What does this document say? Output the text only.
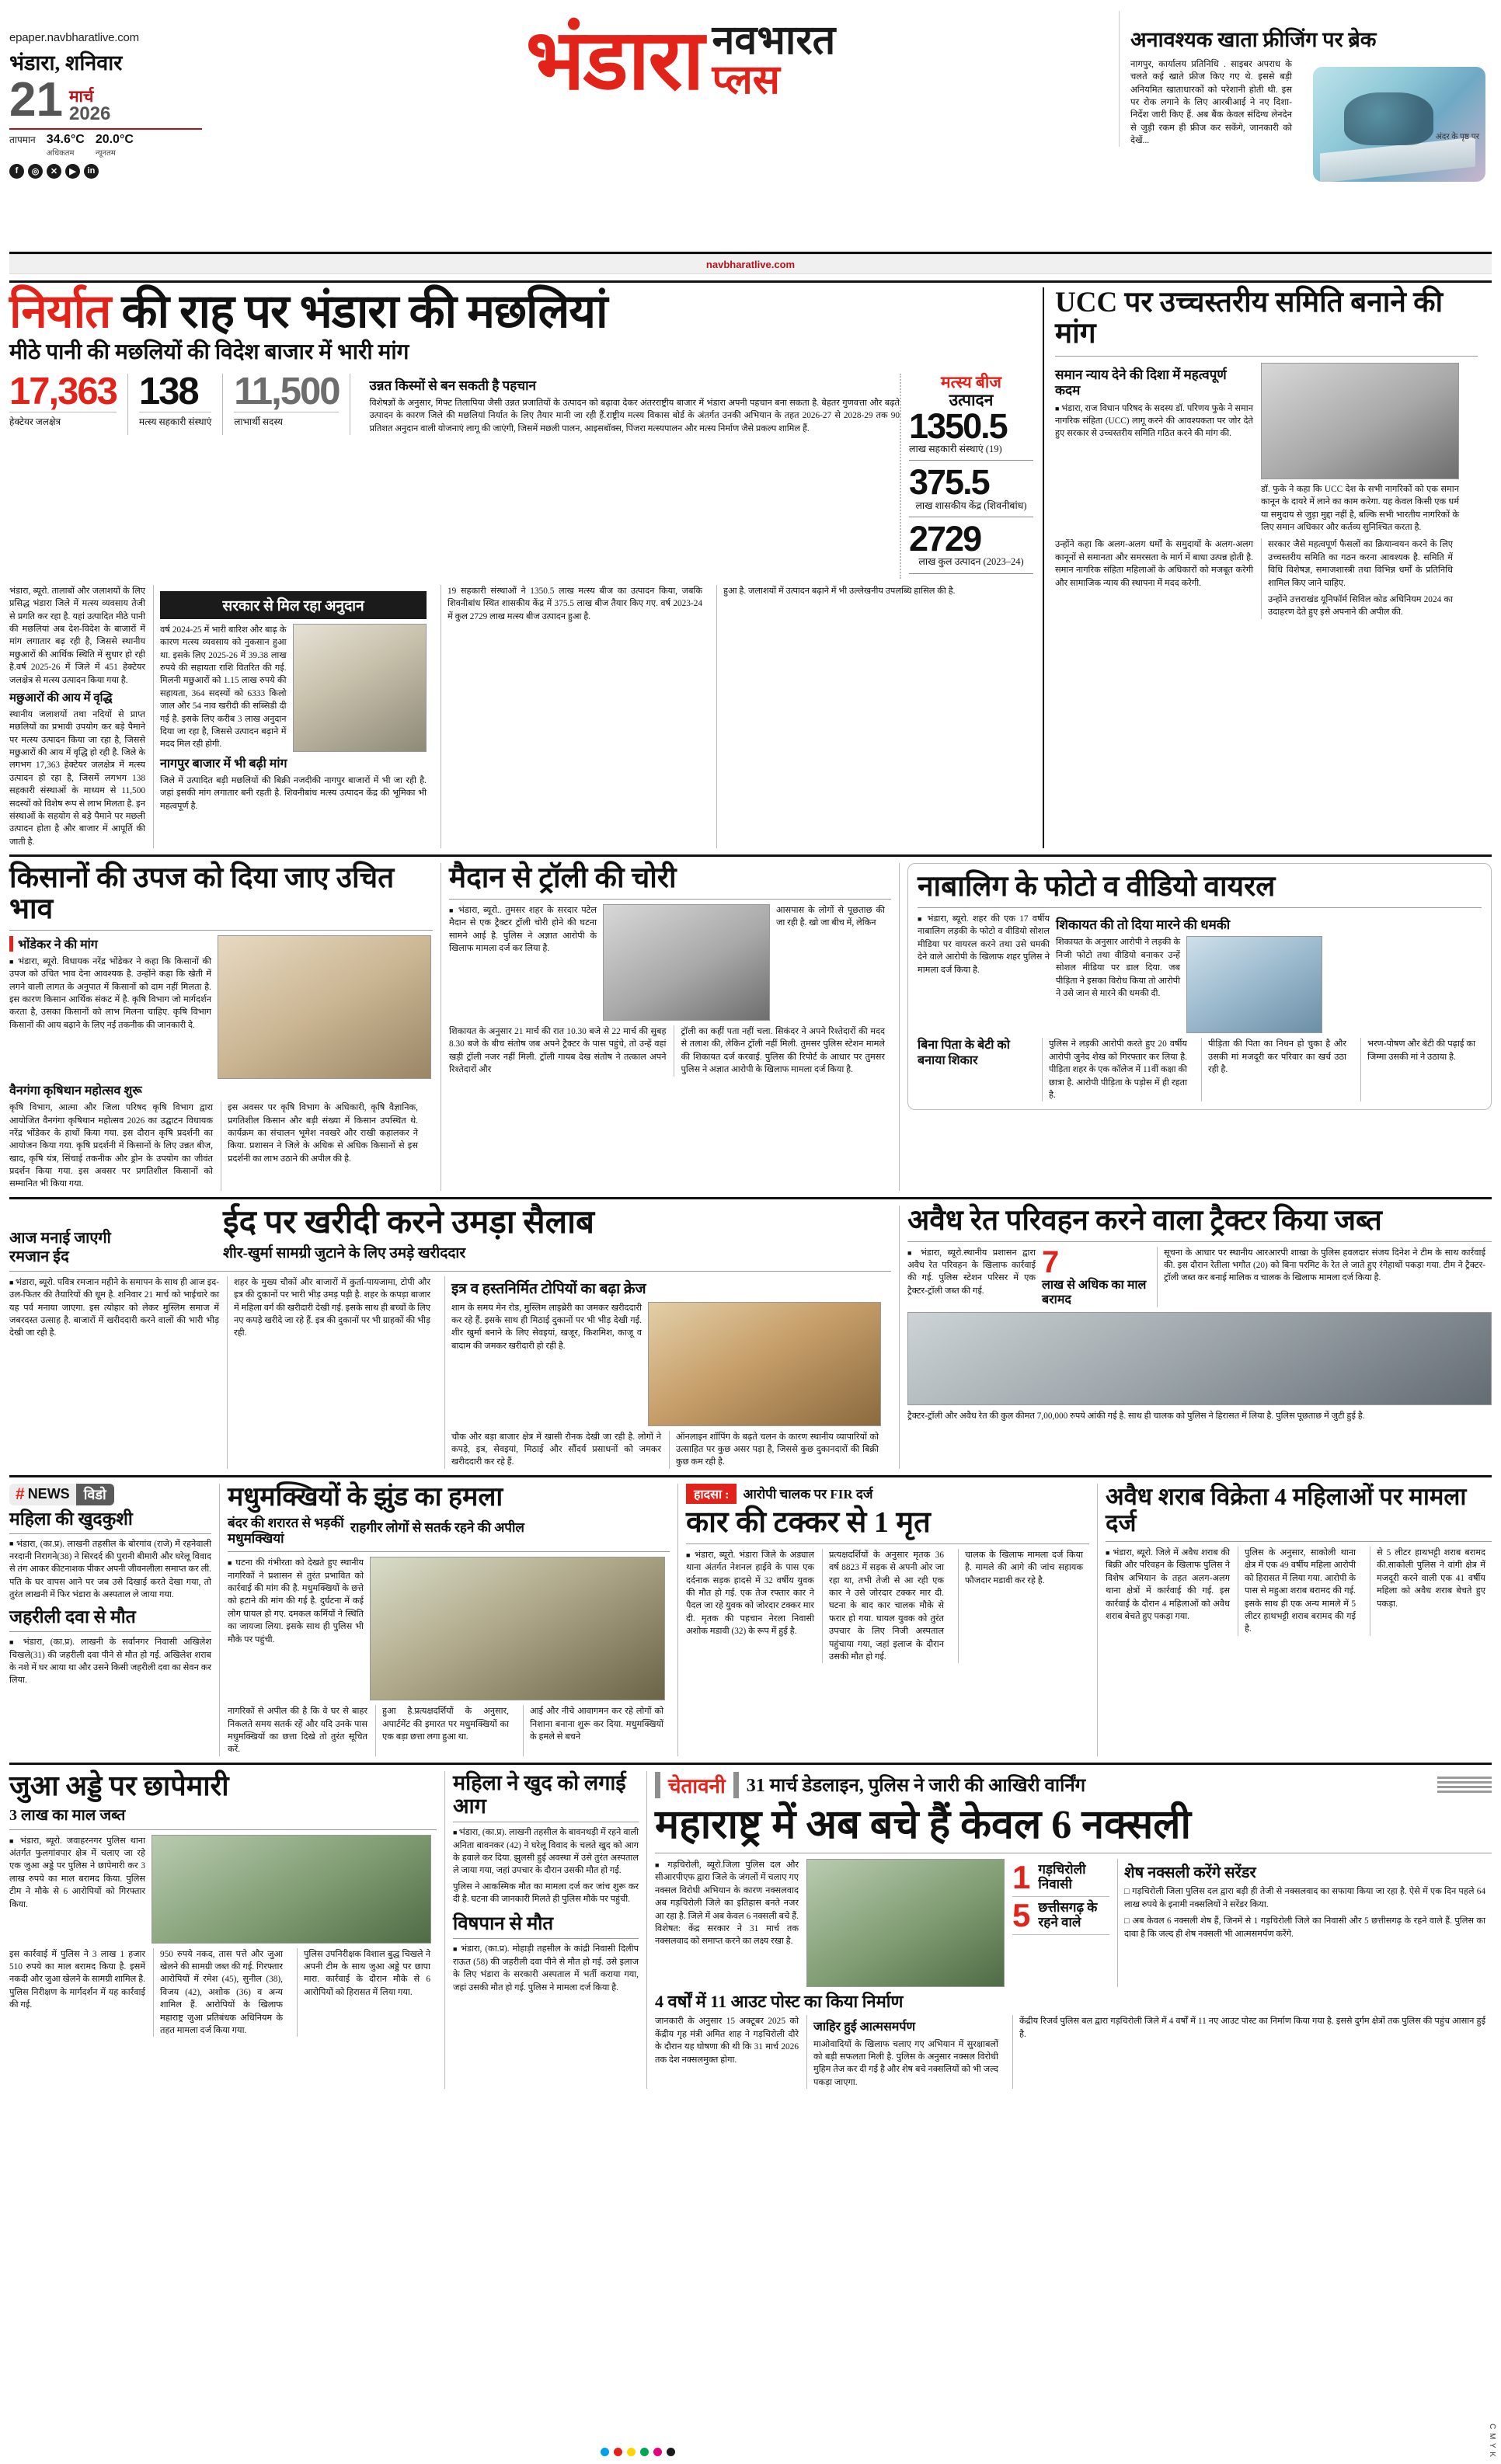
epaper.navbharatlive.com
भंडारा, शनिवार
21 मार्च
2026
तापमान 34.6°C
अधिकतम
20.0°C
न्यूनतम
f	◎	✕	▶	in
भंडारा नवभारत
प्लस
अनावश्यक खाता फ्रीजिंग पर ब्रेक

नागपुर, कार्यालय प्रतिनिधि . साइबर अपराध के चलते कई खाते फ्रीज किए गए थे. इससे बड़ी अनियमित खाताधारकों को परेशानी होती थी. इस पर रोक लगाने के लिए आरबीआई ने नए दिशा-निर्देश जारी किए हैं. अब बैंक केवल संदिग्ध लेनदेन से जुड़ी रकम ही फ्रीज कर सकेंगे, जानकारी को देखें...	अंदर के पृष्ठ पर
navbharatlive.com
निर्यात की राह पर भंडारा की मछलियां
मीठे पानी की मछलियों की विदेश बाजार में भारी मांग
17,363
हेक्टेयर जलक्षेत्र
138
मत्स्य सहकारी संस्थाएं
11,500
लाभार्थी सदस्य
उन्नत किस्मों से बन सकती है पहचान
विशेषज्ञों के अनुसार, गिफ्ट तिलापिया जैसी उन्नत प्रजातियों के उत्पादन को बढ़ावा देकर अंतरराष्ट्रीय बाजार में भंडारा अपनी पहचान बना सकता है. बेहतर गुणवत्ता और बढ़ते उत्पादन के कारण जिले की मछलियां निर्यात के लिए तैयार मानी जा रही हैं.राष्ट्रीय मत्स्य विकास बोर्ड के अंतर्गत उनकी अभियान के तहत 2026-27 से 2028-29 तक 90 प्रतिशत अनुदान वाली योजनाएं लागू की जाएंगी, जिसमें मछली पालन, आइसबॉक्स, पिंजरा मत्स्यपालन और मत्स्य निर्माण जैसे प्रकल्प शामिल हैं.
मत्स्य बीज
उत्पादन
1350.5
लाख सहकारी संस्थाएं (19)
375.5
लाख शासकीय केंद्र (शिवनीबांध)
2729
लाख कुल उत्पादन (2023–24)
भंडारा, ब्यूरो. तालाबों और जलाशयों के लिए प्रसिद्ध भंडारा जिले में मत्स्य व्यवसाय तेजी से प्रगति कर रहा है. यहां उत्पादित मीठे पानी की मछलियां अब देश-विदेश के बाजारों में मांग लगातार बढ़ रही है, जिससे स्थानीय मछुआरों की आर्थिक स्थिति में सुधार हो रही है.वर्ष 2025-26 में जिले में 451 हेक्टेयर जलक्षेत्र से मत्स्य उत्पादन किया गया है.
मछुआरों की आय में वृद्धि
स्थानीय जलाशयों तथा नदियों से प्राप्त मछलियों का प्रभावी उपयोग कर बड़े पैमाने पर मत्स्य उत्पादन किया जा रहा है, जिससे मछुआरों की आय में वृद्धि हो रही है. जिले के लगभग 17,363 हेक्टेयर जलक्षेत्र में मत्स्य उत्पादन हो रहा है, जिसमें लगभग 138 सहकारी संस्थाओं के माध्यम से 11,500 सदस्यों को विशेष रूप से लाभ मिलता है. इन संस्थाओं के सहयोग से बड़े पैमाने पर मछली उत्पादन होता है और बाजार में आपूर्ति की जाती है.
सरकार से मिल रहा अनुदान
वर्ष 2024-25 में भारी बारिश और बाढ़ के कारण मत्स्य व्यवसाय को नुकसान हुआ था. इसके लिए 2025-26 में 39.38 लाख रुपये की सहायता राशि वितरित की गई. मिलनी मछुआरों को 1.15 लाख रुपये की सहायता, 364 सदस्यों को 6333 किलो जाल और 54 नाव खरीदी की सब्सिडी दी गई है. इसके लिए करीब 3 लाख अनुदान दिया जा रहा है, जिससे उत्पादन बढ़ाने में मदद मिल रही होगी.
नागपुर बाजार में भी बढ़ी मांग
जिले में उत्पादित बड़ी मछलियों की बिक्री नजदीकी नागपुर बाजारों में भी जा रही है. जहां इसकी मांग लगातार बनी रहती है. शिवनीबांध मत्स्य उत्पादन केंद्र की भूमिका भी महत्वपूर्ण है.
19 सहकारी संस्थाओं ने 1350.5 लाख मत्स्य बीज का उत्पादन किया, जबकि शिवनीबांध स्थित शासकीय केंद्र में 375.5 लाख बीज तैयार किए गए. वर्ष 2023-24 में कुल 2729 लाख मत्स्य बीज उत्पादन हुआ है.
हुआ है. जलाशयों में उत्पादन बढ़ाने में भी उल्लेखनीय उपलब्धि हासिल की है.
UCC पर उच्चस्तरीय समिति बनाने की मांग
समान न्याय देने की दिशा में महत्वपूर्ण कदम
■ भंडारा, राज विधान परिषद के सदस्य डॉ. परिणय फुके ने समान नागरिक संहिता (UCC) लागू करने की आवश्यकता पर जोर देते हुए सरकार से उच्चस्तरीय समिति गठित करने की मांग की.
डॉ. फुके ने कहा कि UCC देश के सभी नागरिकों को एक समान कानून के दायरे में लाने का काम करेगा. यह केवल किसी एक धर्म या समुदाय से जुड़ा मुद्दा नहीं है, बल्कि सभी भारतीय नागरिकों के लिए समान अधिकार और कर्तव्य सुनिश्चित करता है.
उन्होंने कहा कि अलग-अलग धर्मों के समुदायों के अलग-अलग कानूनों से समानता और समरसता के मार्ग में बाधा उत्पन्न होती है. समान नागरिक संहिता महिलाओं के अधिकारों को मजबूत करेगी और सामाजिक न्याय की स्थापना में मदद करेगी.
सरकार जैसे महत्वपूर्ण फैसलों का क्रियान्वयन करने के लिए उच्चस्तरीय समिति का गठन करना आवश्यक है. समिति में विधि विशेषज्ञ, समाजशास्त्री तथा विभिन्न धर्मों के प्रतिनिधि शामिल किए जाने चाहिए.
उन्होंने उत्तराखंड यूनिफॉर्म सिविल कोड अधिनियम 2024 का उदाहरण देते हुए इसे अपनाने की अपील की.
किसानों की उपज को दिया जाए उचित भाव
भोंडेकर ने की मांग
■ भंडारा, ब्यूरो. विधायक नरेंद्र भोंडेकर ने कहा कि किसानों की उपज को उचित भाव देना आवश्यक है. उन्होंने कहा कि खेती में लगने वाली लागत के अनुपात में किसानों को दाम नहीं मिलता है. इस कारण किसान आर्थिक संकट में है. कृषि विभाग जो मार्गदर्शन करता है, उसका किसानों को लाभ मिलना चाहिए. कृषि विभाग किसानों की आय बढ़ाने के लिए नई तकनीक की जानकारी दे.
वैनगंगा कृषिथान महोत्सव शुरू
कृषि विभाग, आत्मा और जिला परिषद कृषि विभाग द्वारा आयोजित वैनगंगा कृषिथान महोत्सव 2026 का उद्घाटन विधायक नरेंद्र भोंडेकर के हाथों किया गया. इस दौरान कृषि प्रदर्शनी का आयोजन किया गया. कृषि प्रदर्शनी में किसानों के लिए उन्नत बीज, खाद, कृषि यंत्र, सिंचाई तकनीक और ड्रोन के उपयोग का जीवंत प्रदर्शन किया गया. इस अवसर पर प्रगतिशील किसानों को सम्मानित भी किया गया.
इस अवसर पर कृषि विभाग के अधिकारी, कृषि वैज्ञानिक, प्रगतिशील किसान और बड़ी संख्या में किसान उपस्थित थे. कार्यक्रम का संचालन भूमेश नवखरे और राखी कहालकर ने किया. प्रशासन ने जिले के अधिक से अधिक किसानों से इस प्रदर्शनी का लाभ उठाने की अपील की है.
मैदान से ट्रॉली की चोरी
■ भंडारा, ब्यूरो.. तुमसर शहर के सरदार पटेल मैदान से एक ट्रैक्टर ट्रॉली चोरी होने की घटना सामने आई है. पुलिस ने अज्ञात आरोपी के खिलाफ मामला दर्ज कर लिया है.
आसपास के लोगों से पूछताछ की जा रही है. खो जा बीच में, लेकिन
शिकायत के अनुसार 21 मार्च की रात 10.30 बजे से 22 मार्च की सुबह 8.30 बजे के बीच संतोष जब अपने ट्रैक्टर के पास पहुंचे, तो उन्हें वहां खड़ी ट्रॉली नजर नहीं मिली. ट्रॉली गायब देख संतोष ने तत्काल अपने रिश्तेदारों और
ट्रॉली का कहीं पता नहीं चला. सिकंदर ने अपने रिश्तेदारों की मदद से तलाश की, लेकिन ट्रॉली नहीं मिली. तुमसर पुलिस स्टेशन मामले की शिकायत दर्ज करवाई. पुलिस की रिपोर्ट के आधार पर तुमसर पुलिस ने अज्ञात आरोपी के खिलाफ मामला दर्ज किया है.
नाबालिग के फोटो व वीडियो वायरल
■ भंडारा, ब्यूरो. शहर की एक 17 वर्षीय नाबालिग लड़की के फोटो व वीडियो सोशल मीडिया पर वायरल करने तथा उसे धमकी देने वाले आरोपी के खिलाफ शहर पुलिस ने मामला दर्ज किया है.
शिकायत की तो दिया मारने की धमकी
शिकायत के अनुसार आरोपी ने लड़की के निजी फोटो तथा वीडियो बनाकर उन्हें सोशल मीडिया पर डाल दिया. जब पीड़िता ने इसका विरोध किया तो आरोपी ने उसे जान से मारने की धमकी दी.
बिना पिता के बेटी को बनाया शिकार
पुलिस ने लड़की आरोपी करते हुए 20 वर्षीय आरोपी जुनेद शेख को गिरफ्तार कर लिया है. पीड़िता शहर के एक कॉलेज में 11वीं कक्षा की छात्रा है. आरोपी पीड़िता के पड़ोस में ही रहता है.
पीड़िता की पिता का निधन हो चुका है और उसकी मां मजदूरी कर परिवार का खर्च उठा रही है.
भरण-पोषण और बेटी की पढ़ाई का जिम्मा उसकी मां ने उठाया है.
आज मनाई जाएगी
रमजान ईद
ईद पर खरीदी करने उमड़ा सैलाब
शीर-खुर्मा सामग्री जुटाने के लिए उमड़े खरीददार
■ भंडारा, ब्यूरो. पवित्र रमजान महीने के समापन के साथ ही आज इद-उल-फितर की तैयारियों की धूम है. शनिवार 21 मार्च को भाईचारे का यह पर्व मनाया जाएगा. इस त्योहार को लेकर मुस्लिम समाज में जबरदस्त उत्साह है. बाजारों में खरीददारी करने वालों की भारी भीड़ देखी जा रही है.
शहर के मुख्य चौकों और बाजारों में कुर्ता-पायजामा, टोपी और इत्र की दुकानों पर भारी भीड़ उमड़ पड़ी है. शहर के कपड़ा बाजार में महिला वर्ग की खरीदारी देखी गई. इसके साथ ही बच्चों के लिए नए कपड़े खरीदे जा रहे हैं. इत्र की दुकानों पर भी ग्राहकों की भीड़ रही.
इत्र व हस्तनिर्मित टोपियों का बढ़ा क्रेज
शाम के समय मेन रोड, मुस्लिम लाइब्रेरी का जमकर खरीददारी कर रहे हैं. इसके साथ ही मिठाई दुकानों पर भी भीड़ देखी गई. शीर खुर्मा बनाने के लिए सेवइयां, खजूर, किशमिश, काजू व बादाम की जमकर खरीदारी हो रही है.
चौक और बड़ा बाजार क्षेत्र में खासी रौनक देखी जा रही है. लोगों ने कपड़े, इत्र, सेवइयां, मिठाई और सौंदर्य प्रसाधनों को जमकर खरीददारी कर रहे हैं.
ऑनलाइन शॉपिंग के बढ़ते चलन के कारण स्थानीय व्यापारियों को उत्साहित पर कुछ असर पड़ा है, जिससे कुछ दुकानदारों की बिक्री कुछ कम रही है.
अवैध रेत परिवहन करने वाला ट्रैक्टर किया जब्त
■ भंडारा, ब्यूरो.स्थानीय प्रशासन द्वारा अवैध रेत परिवहन के खिलाफ कार्रवाई की गई. पुलिस स्टेशन परिसर में एक ट्रैक्टर-ट्रॉली जब्त की गई.
7
लाख से अधिक का माल बरामद
सूचना के आधार पर स्थानीय आरआरपी शाखा के पुलिस हवलदार संजय दिनेश ने टीम के साथ कार्रवाई की. इस दौरान रेतीला भगौत (20) को बिना परमिट के रेत ले जाते हुए रंगेहाथों पकड़ा गया. टीम ने ट्रैक्टर-ट्रॉली जब्त कर बनाई मालिक व चालक के खिलाफ मामला दर्ज किया है.
ट्रैक्टर-ट्रॉली और अवैध रेत की कुल कीमत 7,00,000 रुपये आंकी गई है. साथ ही चालक को पुलिस ने हिरासत में लिया है. पुलिस पूछताछ में जुटी हुई है.
# NEWS	विडो
महिला की खुदकुशी
■ भंडारा, (का.प्र). लाखनी तहसील के बोरगांव (राजे) में रहनेवाली नरदानी निरागने(38) ने सिरदर्द की पुरानी बीमारी और घरेलू विवाद से तंग आकर कीटनाशक पीकर अपनी जीवनलीला समाप्त कर ली. पति के घर वापस आने पर जब उसे दिखाई करते देखा गया, तो तुरंत लाखनी में फिर भंडारा के अस्पताल ले जाया गया.
जहरीली दवा से मौत
■ भंडारा, (का.प्र). लाखनी के सर्वानगर निवासी अखिलेश चिखले(31) की जहरीली दवा पीने से मौत हो गई. अखिलेश शराब के नशे में घर आया था और उसने किसी जहरीली दवा का सेवन कर लिया.
मधुमक्खियों के झुंड का हमला
बंदर की शरारत से भड़कीं मधुमक्खियां
राहगीर लोगों से सतर्क रहने की अपील
■ घटना की गंभीरता को देखते हुए स्थानीय नागरिकों ने प्रशासन से तुरंत प्रभावित को कार्रवाई की मांग की है. मधुमक्खियों के छत्ते को हटाने की मांग की गई है. दुर्घटना में कई लोग घायल हो गए. दमकल कर्मियों ने स्थिति का जायजा लिया. इसके साथ ही पुलिस भी मौके पर पहुंची.
नागरिकों से अपील की है कि वे घर से बाहर निकलते समय सतर्क रहें और यदि उनके पास मधुमक्खियों का छत्ता दिखे तो तुरंत सूचित करें.
हुआ है.प्रत्यक्षदर्शियों के अनुसार, अपार्टमेंट की इमारत पर मधुमक्खियों का एक बड़ा छत्ता लगा हुआ था.
आई और नीचे आवागमन कर रहे लोगों को निशाना बनाना शुरू कर दिया. मधुमक्खियों के हमले से बचने
हादसा :	आरोपी चालक पर FIR दर्ज
कार की टक्कर से 1 मृत
■ भंडारा, ब्यूरो. भंडारा जिले के अड्याल थाना अंतर्गत नेशनल हाईवे के पास एक दर्दनाक सड़क हादसे में 32 वर्षीय युवक की मौत हो गई. एक तेज रफ्तार कार ने पैदल जा रहे युवक को जोरदार टक्कर मार दी. मृतक की पहचान नेरला निवासी अशोक मडावी (32) के रूप में हुई है.
प्रत्यक्षदर्शियों के अनुसार मृतक 36 वर्ष 8823 में सड़क से अपनी ओर जा रहा था, तभी तेजी से आ रही एक कार ने उसे जोरदार टक्कर मार दी. घटना के बाद कार चालक मौके से फरार हो गया. घायल युवक को तुरंत उपचार के लिए निजी अस्पताल पहुंचाया गया, जहां इलाज के दौरान उसकी मौत हो गई.
चालक के खिलाफ मामला दर्ज किया है. मामले की आगे की जांच सहायक फौजदार मडावी कर रहे है.
अवैध शराब विक्रेता 4 महिलाओं पर मामला दर्ज
■ भंडारा, ब्यूरो. जिले में अवैध शराब की बिक्री और परिवहन के खिलाफ पुलिस ने विशेष अभियान के तहत अलग-अलग थाना क्षेत्रों में कार्रवाई की गई. इस कार्रवाई के दौरान 4 महिलाओं को अवैध शराब बेचते हुए पकड़ा गया.
पुलिस के अनुसार, साकोली थाना क्षेत्र में एक 49 वर्षीय महिला आरोपी को हिरासत में लिया गया. आरोपी के पास से महुआ शराब बरामद की गई. इसके साथ ही एक अन्य मामले में 5 लीटर हाथभट्टी शराब बरामद की गई है.
से 5 लीटर हाथभट्टी शराब बरामद की.साकोली पुलिस ने वांगी क्षेत्र में मजदूरी करने वाली एक 41 वर्षीय महिला को अवैध शराब बेचते हुए पकड़ा.
जुआ अड्डे पर छापेमारी
3 लाख का माल जब्त
■ भंडारा, ब्यूरो. जवाहरनगर पुलिस थाना अंतर्गत फुलगांवपार क्षेत्र में चलाए जा रहे एक जुआ अड्डे पर पुलिस ने छापेमारी कर 3 लाख रुपये का माल बरामद किया. पुलिस टीम ने मौके से 6 आरोपियों को गिरफ्तार किया.
इस कार्रवाई में पुलिस ने 3 लाख 1 हजार 510 रुपये का माल बरामद किया है. इसमें नकदी और जुआ खेलने के सामग्री शामिल है. पुलिस निरीक्षण के मार्गदर्शन में यह कार्रवाई की गई.
950 रुपये नकद, तास पत्ते और जुआ खेलने की सामग्री जब्त की गई. गिरफ्तार आरोपियों में रमेश (45), सुनील (38), विजय (42), अशोक (36) व अन्य शामिल हैं. आरोपियों के खिलाफ महाराष्ट्र जुआ प्रतिबंधक अधिनियम के तहत मामला दर्ज किया गया.
पुलिस उपनिरीक्षक विशाल बुद्ध चिखले ने अपनी टीम के साथ जुआ अड्डे पर छापा मारा. कार्रवाई के दौरान मौके से 6 आरोपियों को हिरासत में लिया गया.
महिला ने खुद को लगाई आग
■ भंडारा, (का.प्र). लाखनी तहसील के बावनथड़ी में रहने वाली अनिता बावनकर (42) ने घरेलू विवाद के चलते खुद को आग के हवाले कर दिया. झुलसी हुई अवस्था में उसे तुरंत अस्पताल ले जाया गया, जहां उपचार के दौरान उसकी मौत हो गई.
पुलिस ने आकस्मिक मौत का मामला दर्ज कर जांच शुरू कर दी है. घटना की जानकारी मिलते ही पुलिस मौके पर पहुंची.
विषपान से मौत
■ भंडारा, (का.प्र). मोहाड़ी तहसील के कांद्री निवासी दिलीप राऊत (58) की जहरीली दवा पीने से मौत हो गई. उसे इलाज के लिए भंडारा के सरकारी अस्पताल में भर्ती कराया गया, जहां उसकी मौत हो गई. पुलिस ने मामला दर्ज किया है.
चेतावनी 31 मार्च डेडलाइन, पुलिस ने जारी की आखिरी वार्निंग
महाराष्ट्र में अब बचे हैं केवल 6 नक्सली
■ गड़चिरोली, ब्यूरो.जिला पुलिस दल और सीआरपीएफ द्वारा जिले के जंगलों में चलाए गए नक्सल विरोधी अभियान के कारण नक्सलवाद अब गड़चिरोली जिले का इतिहास बनते नजर आ रहा है. जिले में अब केवल 6 नक्सली बचे हैं. विशेषत: केंद्र सरकार ने 31 मार्च तक नक्सलवाद को समाप्त करने का लक्ष्य रखा है.
1 गड़चिरोली निवासी
5 छत्तीसगढ़ के रहने वाले
शेष नक्सली करेंगे सरेंडर
□ गड़चिरोली जिला पुलिस दल द्वारा बड़ी ही तेजी से नक्सलवाद का सफाया किया जा रहा है. ऐसे में एक दिन पहले 64 लाख रुपये के इनामी नक्सलियों ने सरेंडर किया.
□ अब केवल 6 नक्सली शेष हैं, जिनमें से 1 गड़चिरोली जिले का निवासी और 5 छत्तीसगढ़ के रहने वाले हैं. पुलिस का दावा है कि जल्द ही शेष नक्सली भी आत्मसमर्पण करेंगे.
4 वर्षों में 11 आउट पोस्ट का किया निर्माण
जानकारी के अनुसार 15 अक्टूबर 2025 को केंद्रीय गृह मंत्री अमित शाह ने गड़चिरोली दौरे के दौरान यह घोषणा की थी कि 31 मार्च 2026 तक देश नक्सलमुक्त होगा.
जाहिर हुई आत्मसमर्पण
माओवादियों के खिलाफ चलाए गए अभियान में सुरक्षाबलों को बड़ी सफलता मिली है. पुलिस के अनुसार नक्सल विरोधी मुहिम तेज कर दी गई है और शेष बचे नक्सलियों को भी जल्द पकड़ा जाएगा.
केंद्रीय रिजर्व पुलिस बल द्वारा गड़चिरोली जिले में 4 वर्षों में 11 नए आउट पोस्ट का निर्माण किया गया है. इससे दुर्गम क्षेत्रों तक पुलिस की पहुंच आसान हुई है.
C M Y K
